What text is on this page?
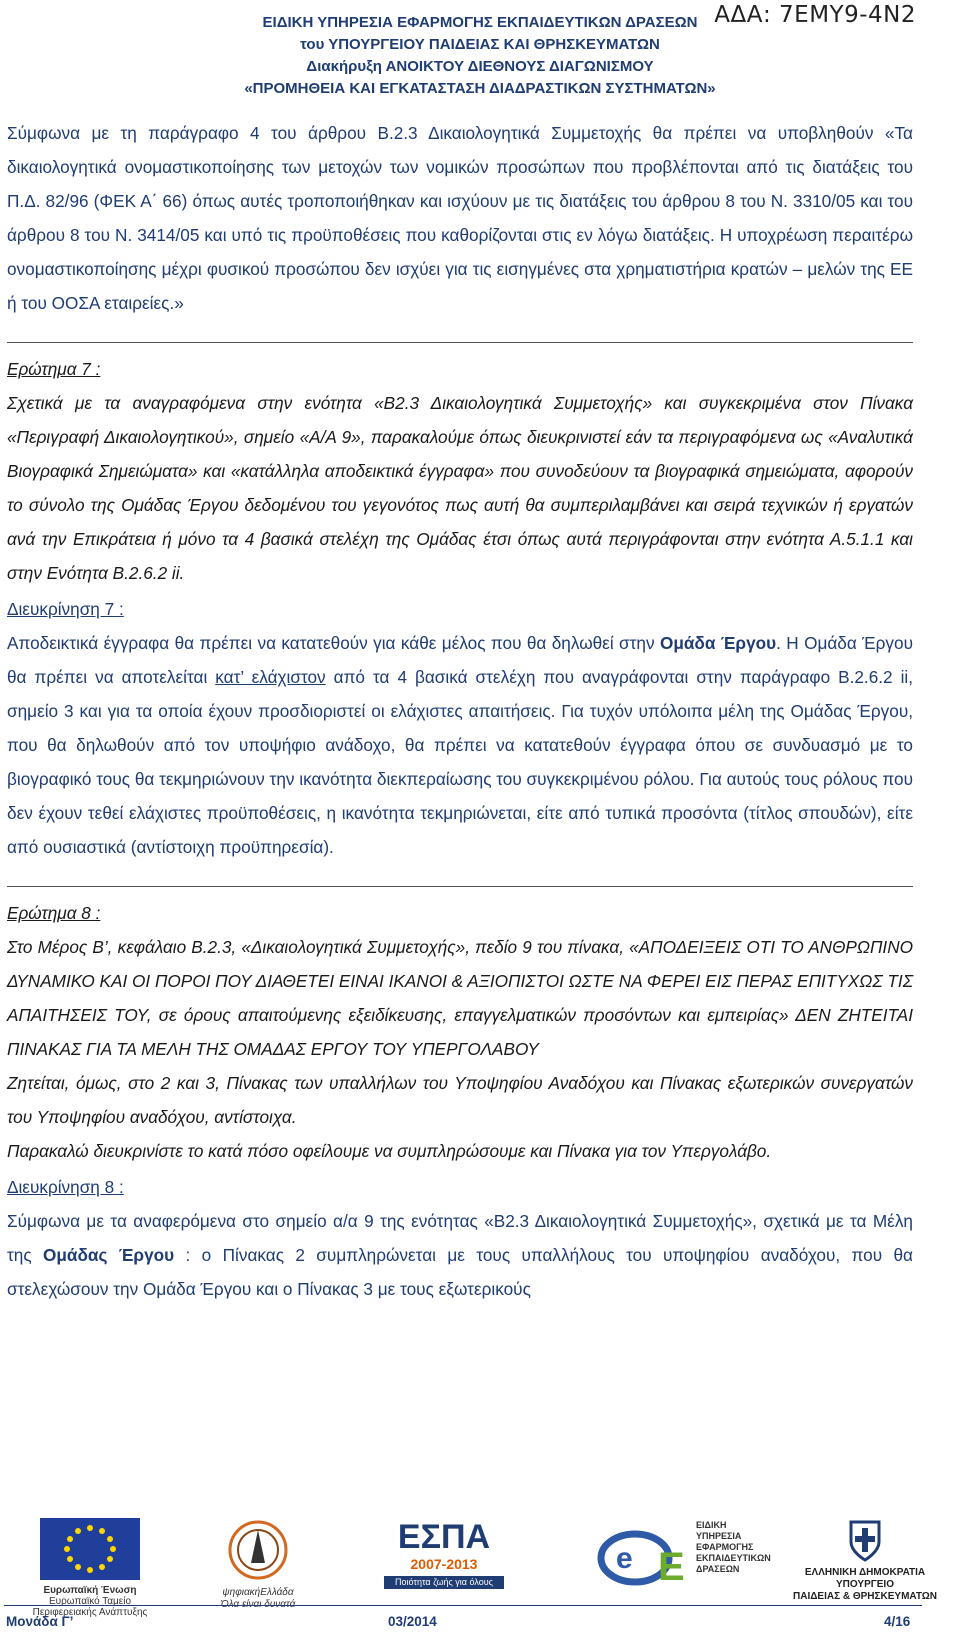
ΑΔΑ: 7ΕΜΥ9-4Ν2
ΕΙΔΙΚΗ ΥΠΗΡΕΣΙΑ ΕΦΑΡΜΟΓΗΣ ΕΚΠΑΙΔΕΥΤΙΚΩΝ ΔΡΑΣΕΩΝ
του ΥΠΟΥΡΓΕΙΟΥ ΠΑΙΔΕΙΑΣ ΚΑΙ ΘΡΗΣΚΕΥΜΑΤΩΝ
Διακήρυξη ΑΝΟΙΚΤΟΥ ΔΙΕΘΝΟΥΣ ΔΙΑΓΩΝΙΣΜΟΥ
«ΠΡΟΜΗΘΕΙΑ ΚΑΙ ΕΓΚΑΤΑΣΤΑΣΗ ΔΙΑΔΡΑΣΤΙΚΩΝ ΣΥΣΤΗΜΑΤΩΝ»

Σύμφωνα με τη παράγραφο 4 του άρθρου Β.2.3 Δικαιολογητικά Συμμετοχής θα πρέπει να υποβληθούν «Τα δικαιολογητικά ονομαστικοποίησης των μετοχών των νομικών προσώπων που προβλέπονται από τις διατάξεις του Π.Δ. 82/96 (ΦΕΚ Α΄ 66) όπως αυτές τροποποιήθηκαν και ισχύουν με τις διατάξεις του άρθρου 8 του Ν. 3310/05 και του άρθρου 8 του Ν. 3414/05 και υπό τις προϋποθέσεις που καθορίζονται στις εν λόγω διατάξεις. Η υποχρέωση περαιτέρω ονομαστικοποίησης μέχρι φυσικού προσώπου δεν ισχύει για τις εισηγμένες στα χρηματιστήρια κρατών – μελών της ΕΕ ή του ΟΟΣΑ εταιρείες.»

Ερώτημα 7 :

Σχετικά με τα αναγραφόμενα στην ενότητα «Β2.3 Δικαιολογητικά Συμμετοχής» και συγκεκριμένα στον Πίνακα «Περιγραφή Δικαιολογητικού», σημείο «Α/Α 9», παρακαλούμε όπως διευκρινιστεί εάν τα περιγραφόμενα ως «Αναλυτικά Βιογραφικά Σημειώματα» και «κατάλληλα αποδεικτικά έγγραφα» που συνοδεύουν τα βιογραφικά σημειώματα, αφορούν το σύνολο της Ομάδας Έργου δεδομένου του γεγονότος πως αυτή θα συμπεριλαμβάνει και σειρά τεχνικών ή εργατών ανά την Επικράτεια ή μόνο τα 4 βασικά στελέχη της Ομάδας έτσι όπως αυτά περιγράφονται στην ενότητα Α.5.1.1 και στην Ενότητα Β.2.6.2 ii.

Διευκρίνηση 7 :

Αποδεικτικά έγγραφα θα πρέπει να κατατεθούν για κάθε μέλος που θα δηλωθεί στην Ομάδα Έργου. Η Ομάδα Έργου θα πρέπει να αποτελείται κατ’ ελάχιστον από τα 4 βασικά στελέχη που αναγράφονται στην παράγραφο Β.2.6.2 ii, σημείο 3 και για τα οποία έχουν προσδιοριστεί οι ελάχιστες απαιτήσεις. Για τυχόν υπόλοιπα μέλη της Ομάδας Έργου, που θα δηλωθούν από τον υποψήφιο ανάδοχο, θα πρέπει να κατατεθούν έγγραφα όπου σε συνδυασμό με το βιογραφικό τους θα τεκμηριώνουν την ικανότητα διεκπεραίωσης του συγκεκριμένου ρόλου. Για αυτούς τους ρόλους που δεν έχουν τεθεί ελάχιστες προϋποθέσεις, η ικανότητα τεκμηριώνεται, είτε από τυπικά προσόντα (τίτλος σπουδών), είτε από ουσιαστικά (αντίστοιχη προϋπηρεσία).

Ερώτημα 8 :

Στο Μέρος Β’, κεφάλαιο Β.2.3, «Δικαιολογητικά Συμμετοχής», πεδίο 9 του πίνακα, «ΑΠΟΔΕΙΞΕΙΣ ΟΤΙ ΤΟ ΑΝΘΡΩΠΙΝΟ ΔΥΝΑΜΙΚΟ ΚΑΙ ΟΙ ΠΟΡΟΙ ΠΟΥ ΔΙΑΘΕΤΕΙ ΕΙΝΑΙ ΙΚΑΝΟΙ & ΑΞΙΟΠΙΣΤΟΙ ΩΣΤΕ ΝΑ ΦΕΡΕΙ ΕΙΣ ΠΕΡΑΣ ΕΠΙΤΥΧΩΣ ΤΙΣ ΑΠΑΙΤΗΣΕΙΣ ΤΟΥ, σε όρους απαιτούμενης εξειδίκευσης, επαγγελματικών προσόντων και εμπειρίας» ΔΕΝ ΖΗΤΕΙΤΑΙ ΠΙΝΑΚΑΣ ΓΙΑ ΤΑ ΜΕΛΗ ΤΗΣ ΟΜΑΔΑΣ ΕΡΓΟΥ ΤΟΥ ΥΠΕΡΓΟΛΑΒΟΥ

Ζητείται, όμως, στο 2 και 3, Πίνακας των υπαλλήλων του Υποψηφίου Αναδόχου και Πίνακας εξωτερικών συνεργατών του Υποψηφίου αναδόχου, αντίστοιχα.

Παρακαλώ διευκρινίστε το κατά πόσο οφείλουμε να συμπληρώσουμε και Πίνακα για τον Υπεργολάβο.

Διευκρίνηση 8 :

Σύμφωνα με τα αναφερόμενα στο σημείο α/α 9 της ενότητας «Β2.3 Δικαιολογητικά Συμμετοχής», σχετικά με τα Μέλη της Ομάδας Έργου : ο Πίνακας 2 συμπληρώνεται με τους υπαλλήλους του υποψηφίου αναδόχου, που θα στελεχώσουν την Ομάδα Έργου και ο Πίνακας 3 με τους εξωτερικούς

Ευρωπαϊκή Ένωση
Ευρωπαϊκό Ταμείο
Περιφερειακής Ανάπτυξης
ψηφιακήΕλλάδα
Όλα είναι δυνατά
ΕΣΠΑ
2007-2013
Ποιότητα ζωής για όλους
e E
ΕΙΔΙΚΗ
ΥΠΗΡΕΣΙΑ
ΕΦΑΡΜΟΓΗΣ
ΕΚΠΑΙΔΕΥΤΙΚΩΝ
ΔΡΑΣΕΩΝ	ΕΛΛΗΝΙΚΗ ΔΗΜΟΚΡΑΤΙΑ
ΥΠΟΥΡΓΕΙΟ
ΠΑΙΔΕΙΑΣ & ΘΡΗΣΚΕΥΜΑΤΩΝ
Μονάδα Γ’	03/2014	4/16
